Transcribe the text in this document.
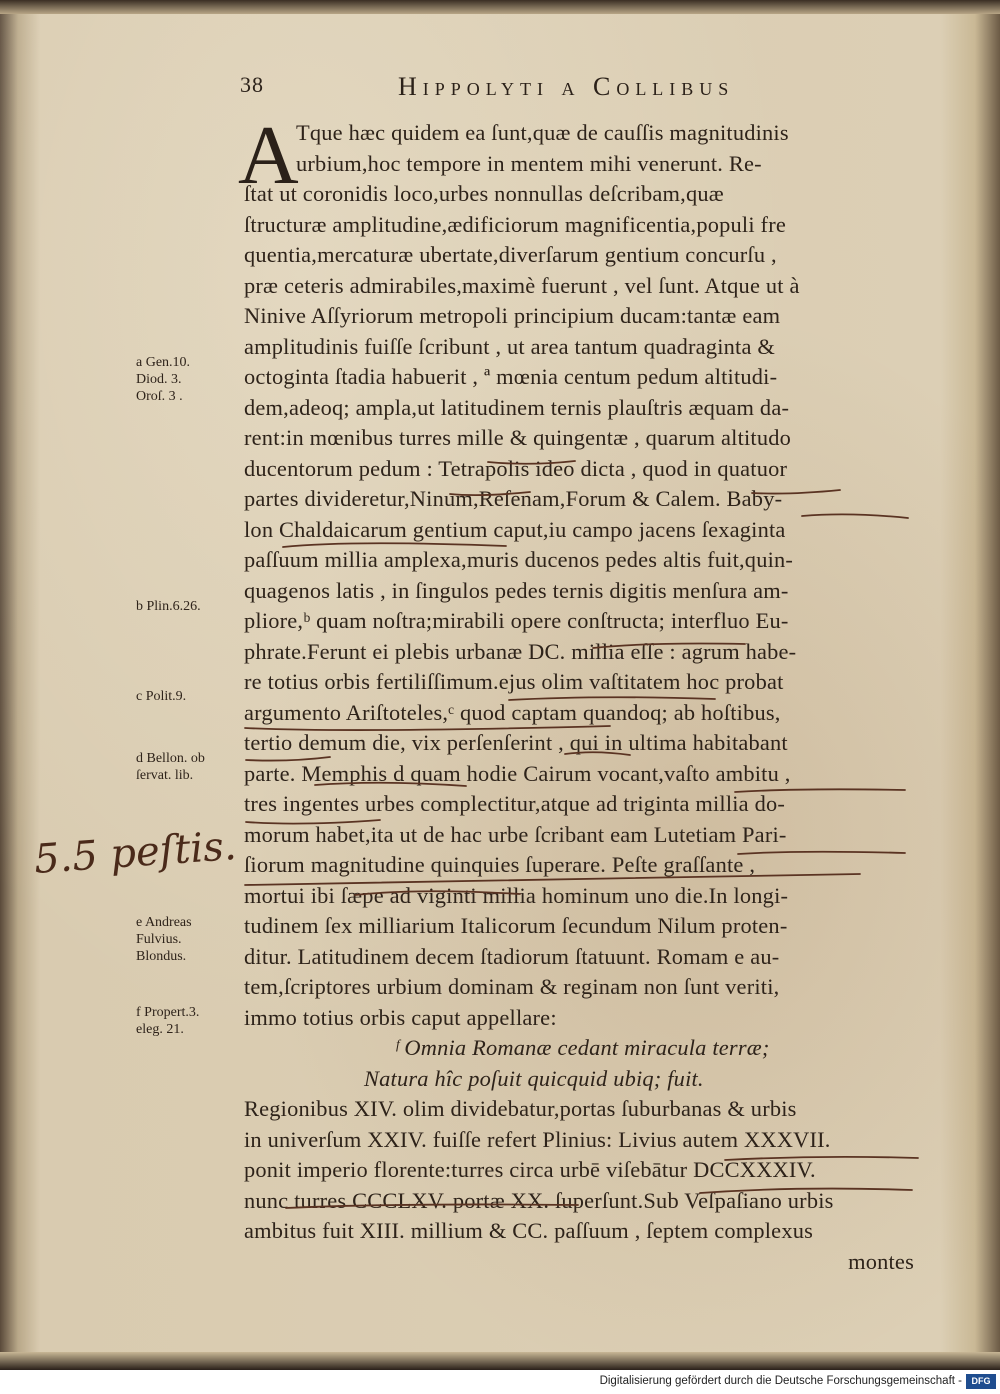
38	Hippolyti a Collibus
A
Tque hæc quidem ea ſunt,quæ de cauſſis magnitudinis
urbium,hoc tempore in mentem mihi venerunt. Re-
ſtat ut coronidis loco,urbes nonnullas deſcribam,quæ
ſtructuræ amplitudine,ædificiorum magnificentia,populi fre
quentia,mercaturæ ubertate,diverſarum gentium concurſu ,
præ ceteris admirabiles,maximè fuerunt , vel ſunt. Atque ut à
Ninive Aſſyriorum metropoli principium ducam:tantæ eam
amplitudinis fuiſſe ſcribunt , ut area tantum quadraginta &
octoginta ſtadia habuerit , ª mœnia centum pedum altitudi-
dem,adeoq; ampla,ut latitudinem ternis plauſtris æquam da-
rent:in mœnibus turres mille & quingentæ , quarum altitudo
ducentorum pedum : Tetrapolis ideo dicta , quod in quatuor
partes divideretur,Ninum,Reſenam,Forum & Calem. Baby-
lon Chaldaicarum gentium caput,iu campo jacens ſexaginta
paſſuum millia amplexa,muris ducenos pedes altis fuit,quin-
quagenos latis , in ſingulos pedes ternis digitis menſura am-
pliore,ᵇ quam noſtra;mirabili opere conſtructa; interfluo Eu-
phrate.Ferunt ei plebis urbanæ DC. millia eſſe : agrum habe-
re totius orbis fertiliſſimum.ejus olim vaſtitatem hoc probat
argumento Ariſtoteles,ᶜ quod captam quandoq; ab hoſtibus,
tertio demum die, vix perſenſerint , qui in ultima habitabant
parte. Memphis d quam hodie Cairum vocant,vaſto ambitu ,
tres ingentes urbes complectitur,atque ad triginta millia do-
morum habet,ita ut de hac urbe ſcribant eam Lutetiam Pari-
ſiorum magnitudine quinquies ſuperare. Peſte graſſante ,
mortui ibi ſæpe ad viginti millia hominum uno die.In longi-
tudinem ſex milliarium Italicorum ſecundum Nilum proten-
ditur. Latitudinem decem ſtadiorum ſtatuunt. Romam e au-
tem,ſcriptores urbium dominam & reginam non ſunt veriti,
immo totius orbis caput appellare:
ᶠ Omnia Romanæ cedant miracula terræ;
Natura hîc poſuit quicquid ubiq; fuit.
Regionibus XIV. olim dividebatur,portas ſuburbanas & urbis
in univerſum XXIV. fuiſſe refert Plinius: Livius autem XXXVII.
ponit imperio florente:turres circa urbē viſebātur DCCXXXIV.
nunc turres CCCLXV. portæ XX. ſuperſunt.Sub Veſpaſiano urbis
ambitus fuit XIII. millium & CC. paſſuum , ſeptem complexus
montes
a Gen.10.
Diod. 3.
Oroſ. 3 .
b Plin.6.26.
c Polit.9.
d Bellon. ob
ſervat. lib.
e Andreas
Fulvius.
Blondus.
f Propert.3.
eleg. 21.
5.5 peſtis.
Digitalisierung gefördert durch die Deutsche Forschungsgemeinschaft -	DFG
